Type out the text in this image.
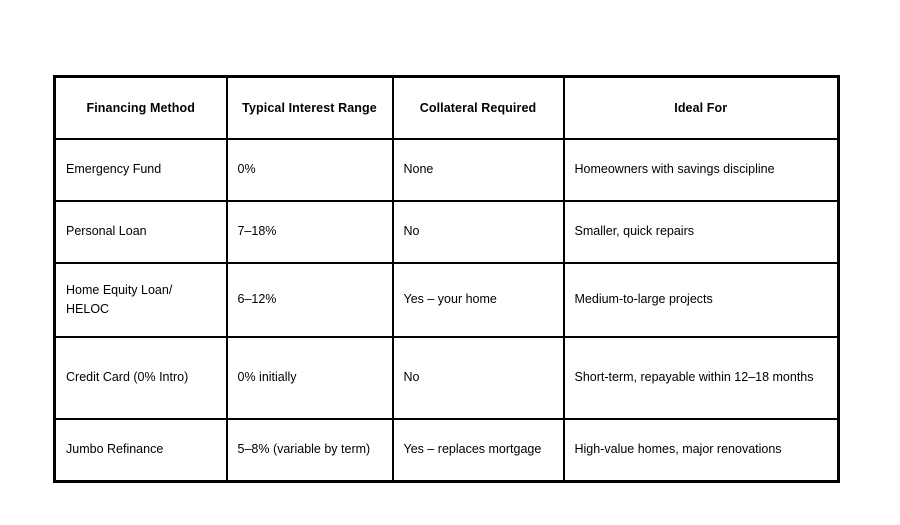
Financing Method	Typical Interest Range	Collateral Required	Ideal For

Emergency Fund	0%	None	Homeowners with savings discipline

Personal Loan	7–18%	No	Smaller, quick repairs

Home Equity Loan/ HELOC	6–12%	Yes – your home	Medium-to-large projects

Credit Card (0% Intro)	0% initially	No	Short-term, repayable within 12–18 months

Jumbo Refinance	5–8% (variable by term)	Yes – replaces mortgage	High-value homes, major renovations
